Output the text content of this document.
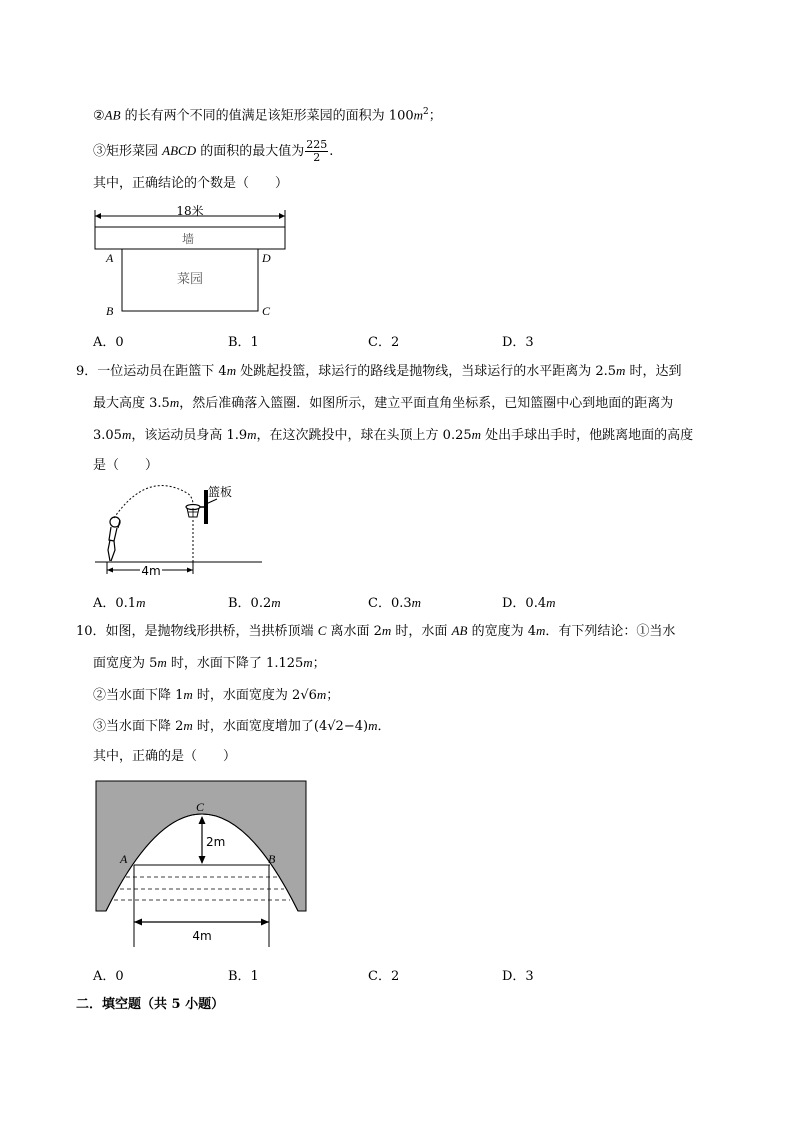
②AB 的长有两个不同的值满足该矩形菜园的面积为 $100m^2$；
③矩形菜园 ABCD 的面积的最大值为 $\frac{225}{2}$ .
其中，正确结论的个数是（　　）
18米
墙
菜园
A	D
B	C
A．0	B．1	C．2	D．3
9．一位运动员在距篮下 4m 处跳起投篮，球运行的路线是抛物线，当球运行的水平距离为 2.5m 时，达到
最大高度 3.5m，然后准确落入篮圈．如图所示，建立平面直角坐标系，已知篮圈中心到地面的距离为
3.05m，该运动员身高 1.9m，在这次跳投中，球在头顶上方 0.25m 处出手球出手时，他跳离地面的高度
是（　　）
篮板
4m
A．0.1m	B．0.2m	C．0.3m	D．0.4m
10．如图，是抛物线形拱桥，当拱桥顶端 C 离水面 2m 时，水面 AB 的宽度为 4m．有下列结论：①当水
面宽度为 5m 时，水面下降了 1.125m；
②当水面下降 1m 时，水面宽度为 2√6m；
③当水面下降 2m 时，水面宽度增加了(4√2−4)m．
其中，正确的是（　　）
2m
C
A	B
4m
A．0	B．1	C．2	D．3
二．填空题（共 5 小题）
